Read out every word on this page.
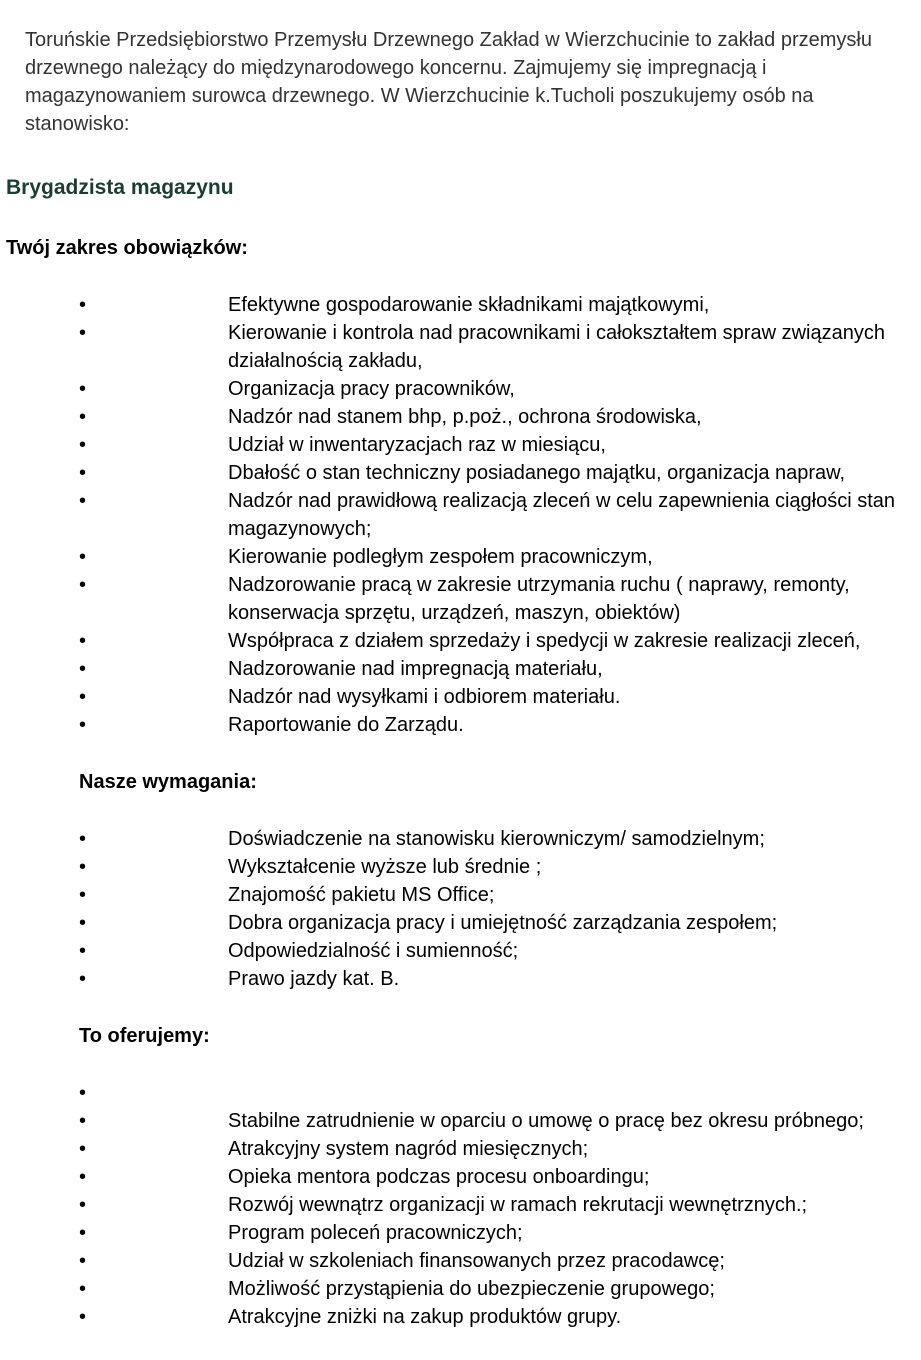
Toruńskie Przedsiębiorstwo Przemysłu Drzewnego Zakład w Wierzchucinie to zakład przemysłu drzewnego należący do międzynarodowego koncernu. Zajmujemy się impregnacją i magazynowaniem surowca drzewnego. W Wierzchucinie k.Tucholi poszukujemy osób na stanowisko:

Brygadzista magazynu
Twój zakres obowiązków:
•	Efektywne gospodarowanie składnikami majątkowymi,
•	Kierowanie i kontrola nad pracownikami i całokształtem spraw związanych działalnością zakładu,
•	Organizacja pracy pracowników,
•	Nadzór nad stanem bhp, p.poż., ochrona środowiska,
•	Udział w inwentaryzacjach raz w miesiącu,
•	Dbałość o stan techniczny posiadanego majątku, organizacja napraw,
•	Nadzór nad prawidłową realizacją zleceń w celu zapewnienia ciągłości stan magazynowych;
•	Kierowanie podległym zespołem pracowniczym,
•	Nadzorowanie pracą w zakresie utrzymania ruchu ( naprawy, remonty, konserwacja sprzętu, urządzeń, maszyn, obiektów)
•	Współpraca z działem sprzedaży i spedycji w zakresie realizacji zleceń,
•	Nadzorowanie nad impregnacją materiału,
•	Nadzór nad wysyłkami i odbiorem materiału.
•	Raportowanie do Zarządu.
Nasze wymagania:
•	Doświadczenie na stanowisku kierowniczym/ samodzielnym;
•	Wykształcenie wyższe lub średnie ;
•	Znajomość pakietu MS Office;
•	Dobra organizacja pracy i umiejętność zarządzania zespołem;
•	Odpowiedzialność i sumienność;
•	Prawo jazdy kat. B.
To oferujemy:
•
•	Stabilne zatrudnienie w oparciu o umowę o pracę bez okresu próbnego;
•	Atrakcyjny system nagród miesięcznych;
•	Opieka mentora podczas procesu onboardingu;
•	Rozwój wewnątrz organizacji w ramach rekrutacji wewnętrznych.;
•	Program poleceń pracowniczych;
•	Udział w szkoleniach finansowanych przez pracodawcę;
•	Możliwość przystąpienia do ubezpieczenie grupowego;
•	Atrakcyjne zniżki na zakup produktów grupy.
